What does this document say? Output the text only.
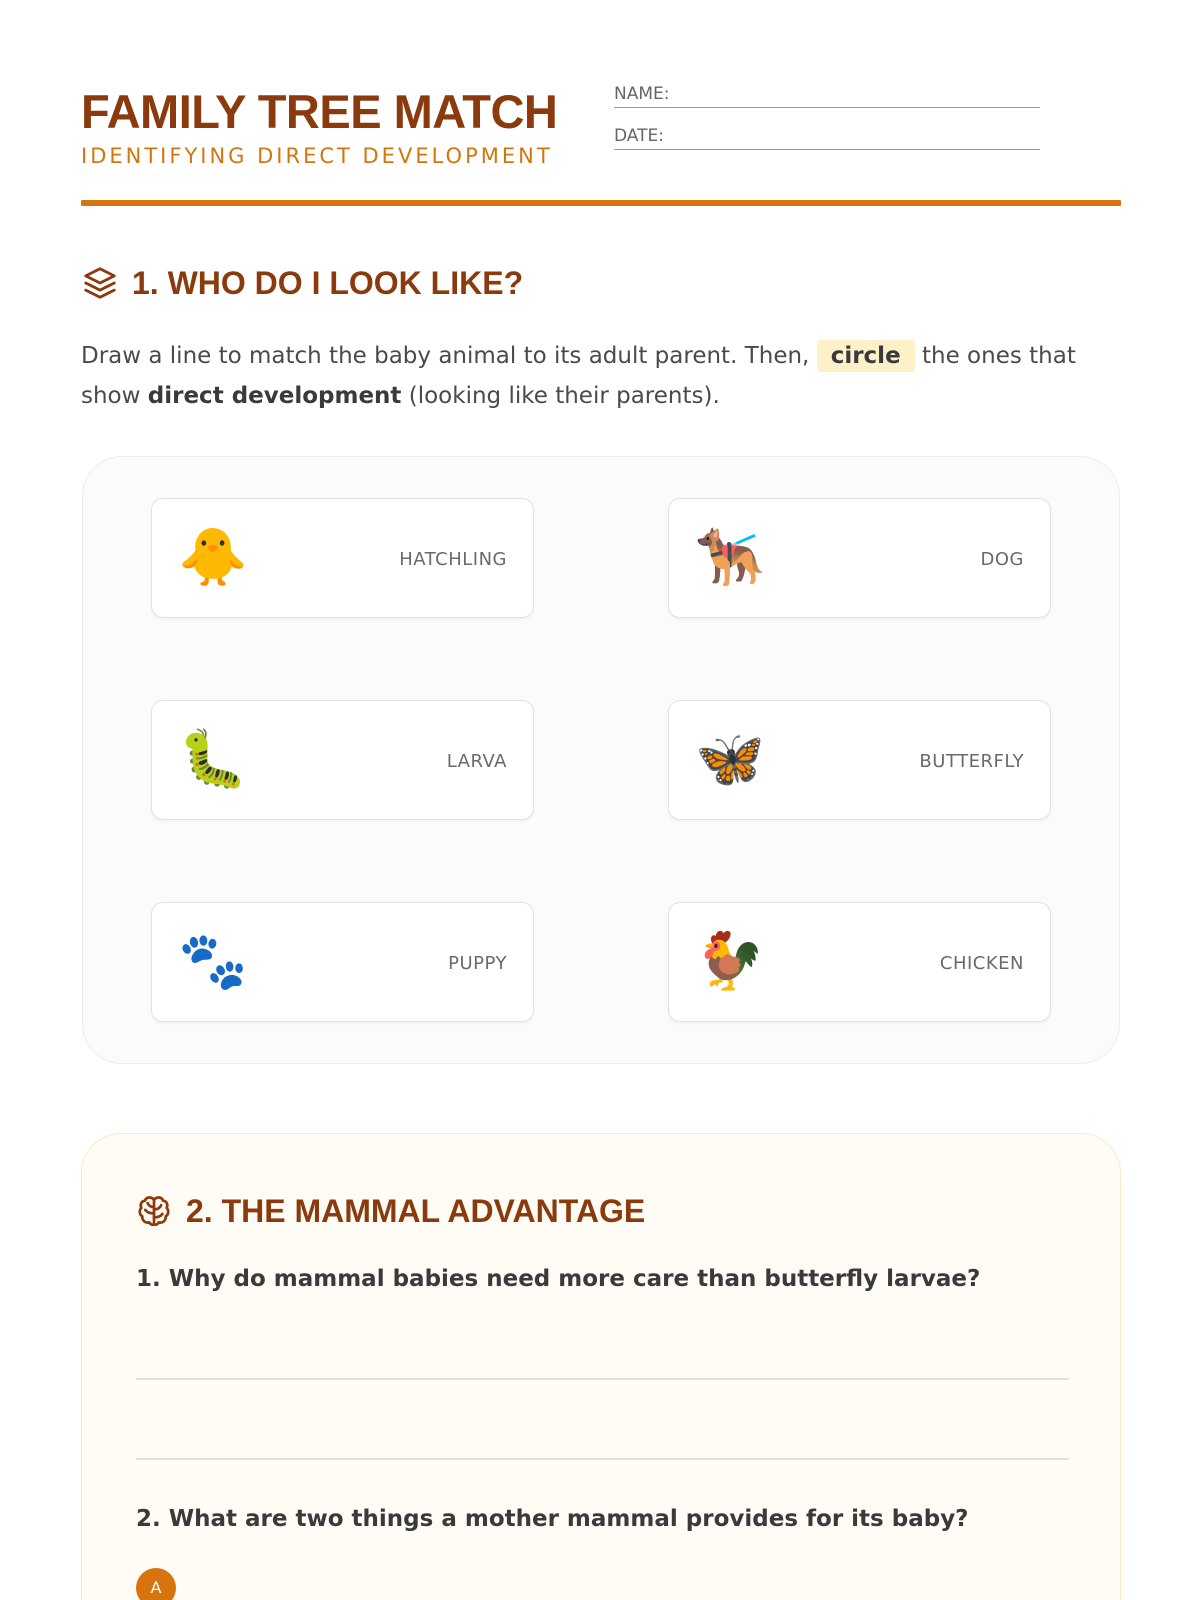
FAMILY TREE MATCH
IDENTIFYING DIRECT DEVELOPMENT
NAME:
DATE:
1. WHO DO I LOOK LIKE?
Draw a line to match the baby animal to its adult parent. Then, circle the ones that show direct development (looking like their parents).
🐥	HATCHLING	🐕‍🦺	DOG
🐛	LARVA	🦋	BUTTERFLY
🐾	PUPPY	🐓	CHICKEN
2. THE MAMMAL ADVANTAGE
1. Why do mammal babies need more care than butterfly larvae?
2. What are two things a mother mammal provides for its baby?
A
